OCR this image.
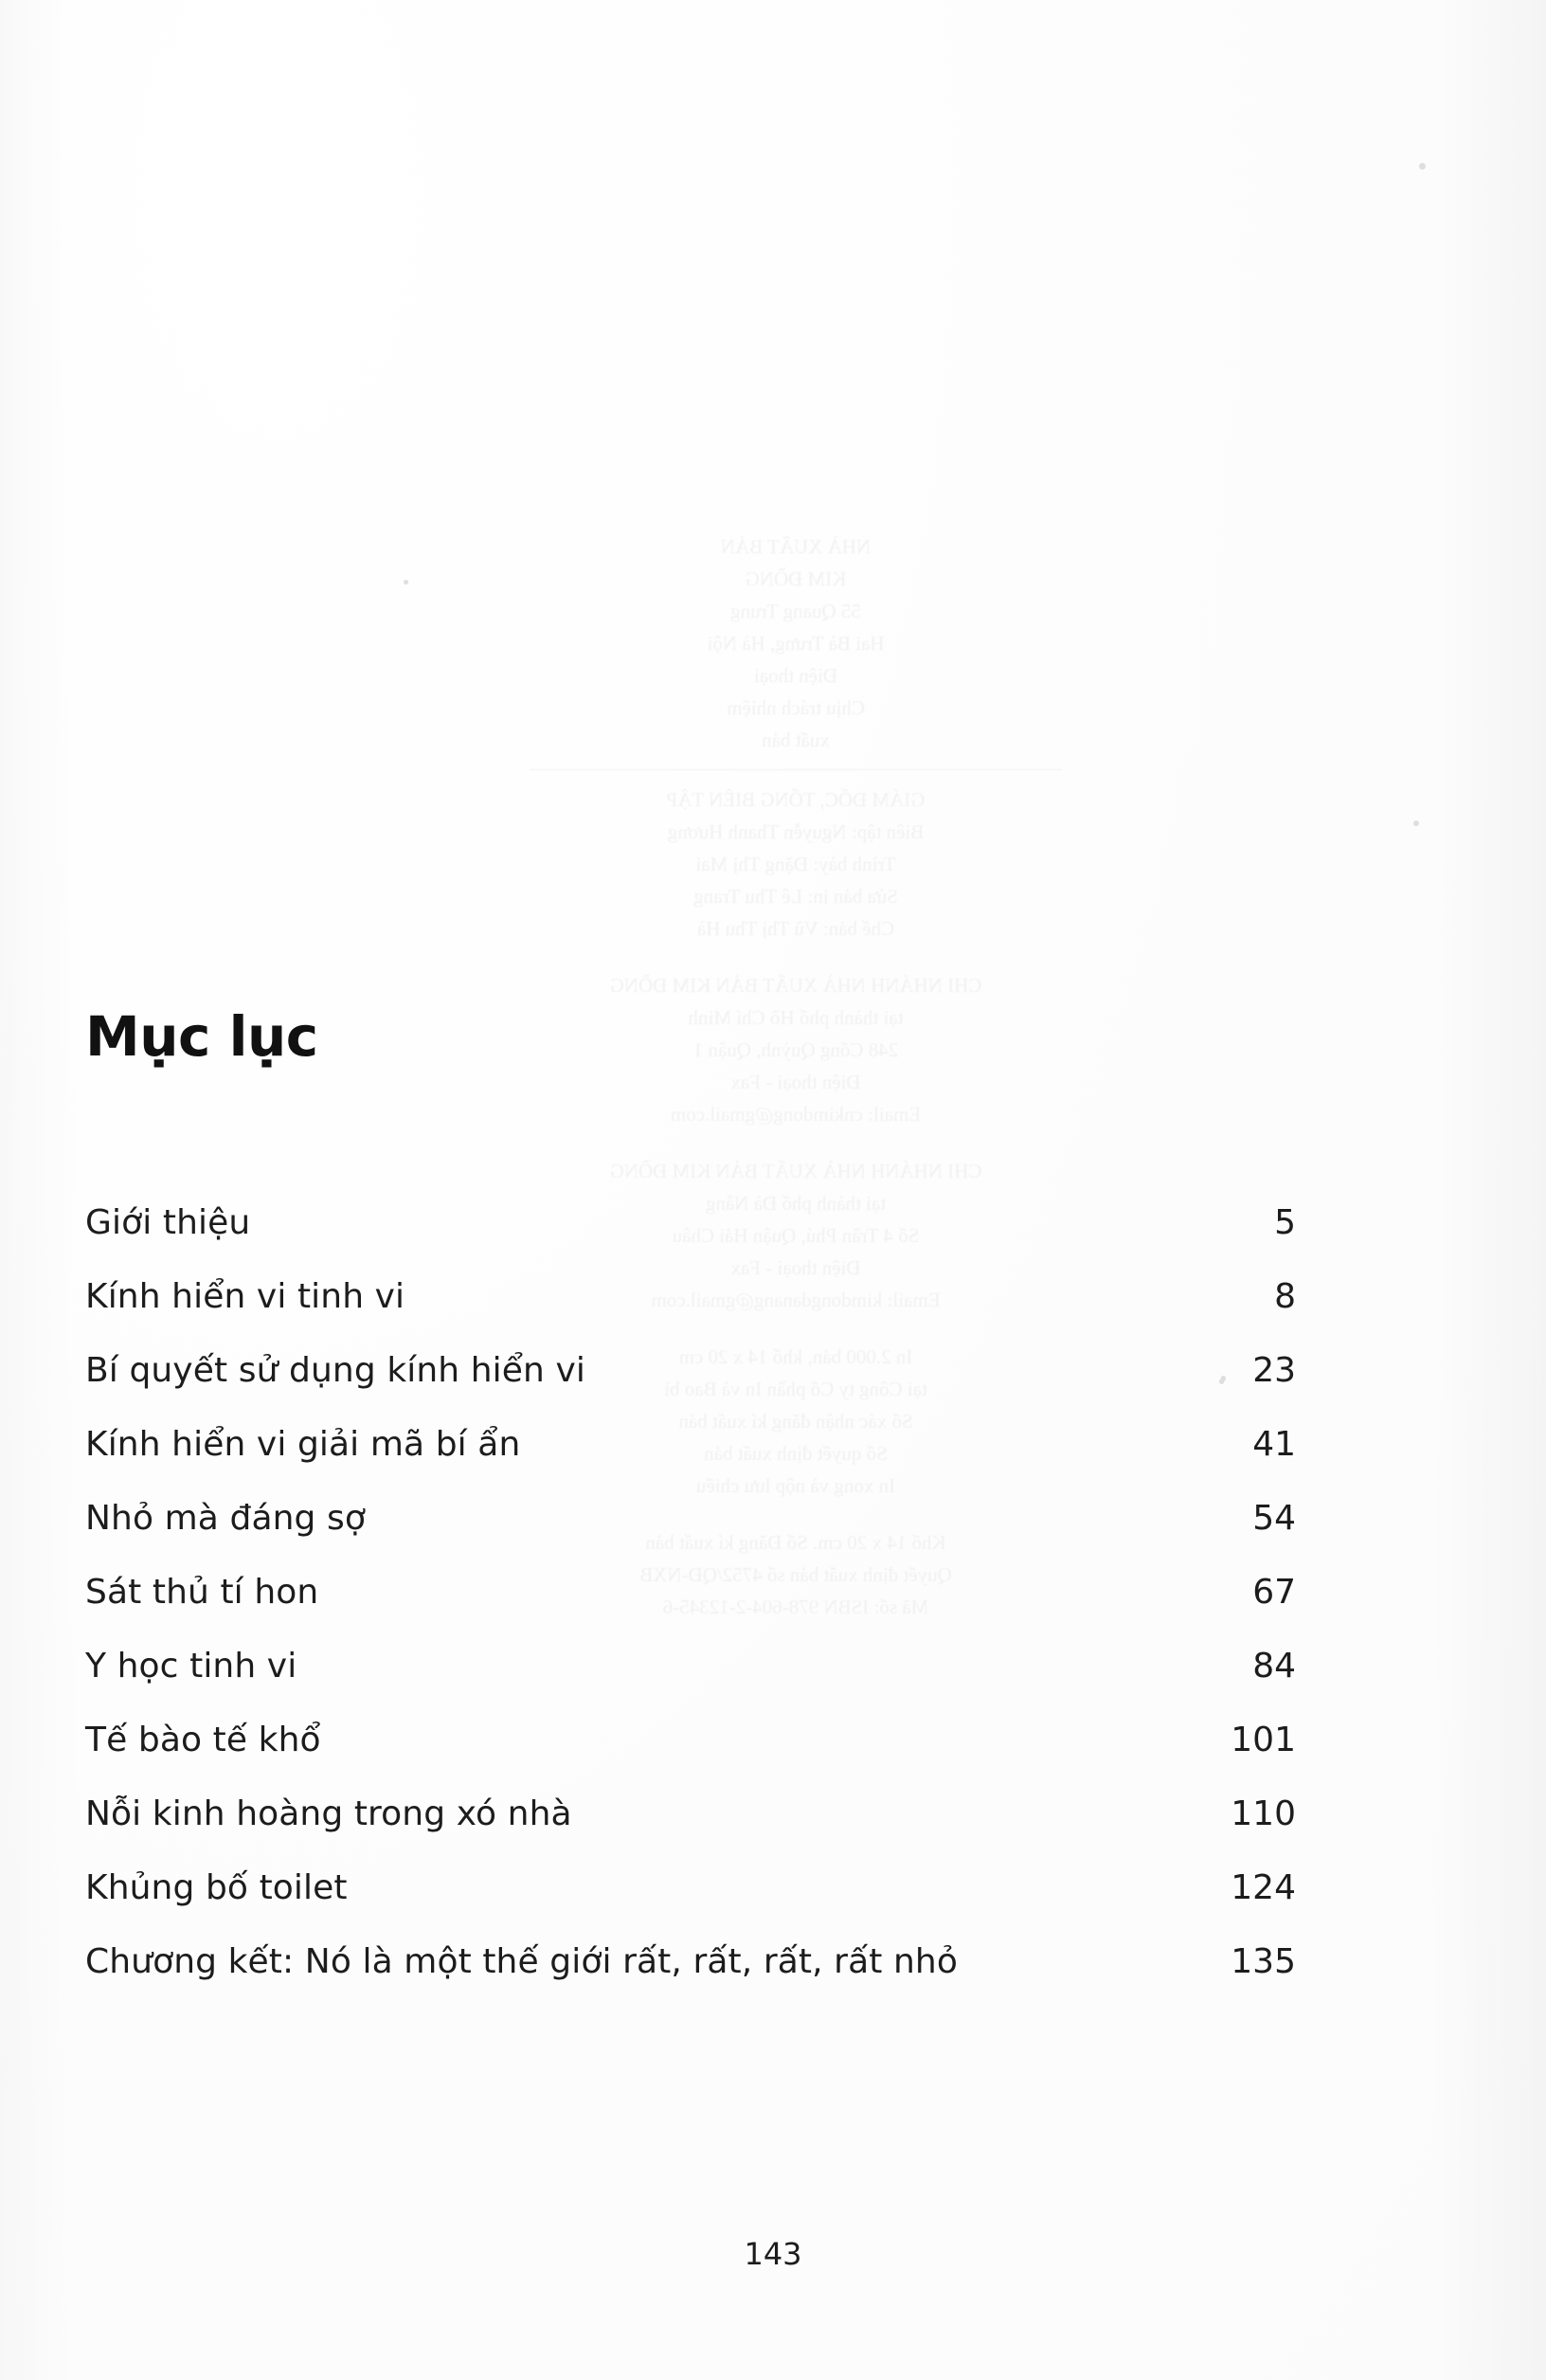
Mục lục
Giới thiệu	5
Kính hiển vi tinh vi	8
Bí quyết sử dụng kính hiển vi	23
Kính hiển vi giải mã bí ẩn	41
Nhỏ mà đáng sợ	54
Sát thủ tí hon	67
Y học tinh vi	84
Tế bào tế khổ	101
Nỗi kinh hoàng trong xó nhà	110
Khủng bố toilet	124
Chương kết: Nó là một thế giới rất, rất, rất, rất nhỏ	135
143
